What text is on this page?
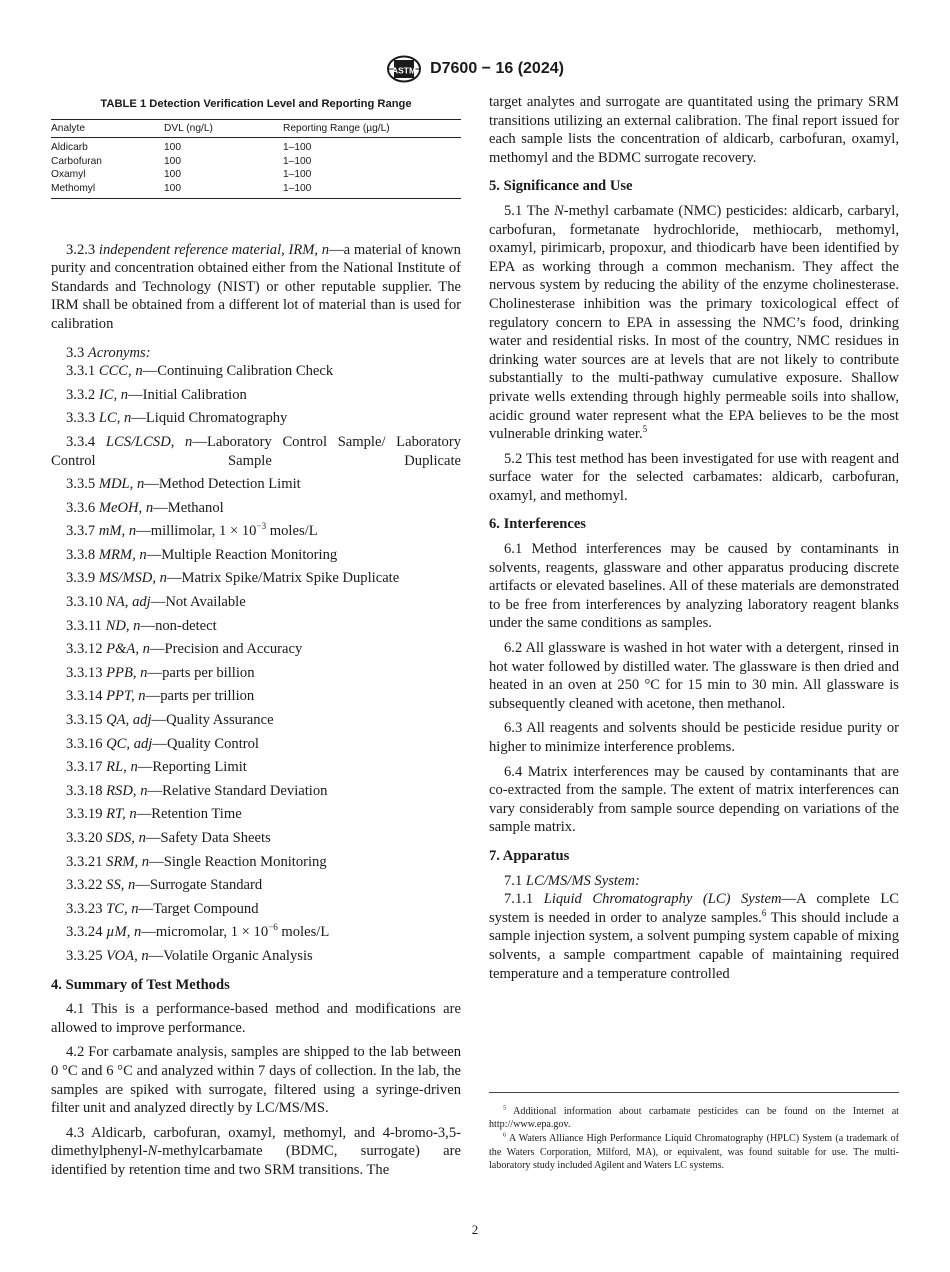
ASTM D7600 − 16 (2024)
TABLE 1 Detection Verification Level and Reporting Range
Analyte	DVL (ng/L)	Reporting Range (µg/L)
Aldicarb	100	1–100
Carbofuran	100	1–100
Oxamyl	100	1–100
Methomyl	100	1–100

3.2.3 independent reference material, IRM, n—a material of known purity and concentration obtained either from the National Institute of Standards and Technology (NIST) or other reputable supplier. The IRM shall be obtained from a different lot of material than is used for calibration

3.3 Acronyms:

3.3.1 CCC, n—Continuing Calibration Check

3.3.2 IC, n—Initial Calibration

3.3.3 LC, n—Liquid Chromatography

3.3.4 LCS/LCSD, n—Laboratory Control Sample/ Laboratory Control Sample Duplicate

3.3.5 MDL, n—Method Detection Limit

3.3.6 MeOH, n—Methanol

3.3.7 mM, n—millimolar, $1 \times 10^{-3}$ moles/L

3.3.8 MRM, n—Multiple Reaction Monitoring

3.3.9 MS/MSD, n—Matrix Spike/Matrix Spike Duplicate

3.3.10 NA, adj—Not Available

3.3.11 ND, n—non-detect

3.3.12 P&A, n—Precision and Accuracy

3.3.13 PPB, n—parts per billion

3.3.14 PPT, n—parts per trillion

3.3.15 QA, adj—Quality Assurance

3.3.16 QC, adj—Quality Control

3.3.17 RL, n—Reporting Limit

3.3.18 RSD, n—Relative Standard Deviation

3.3.19 RT, n—Retention Time

3.3.20 SDS, n—Safety Data Sheets

3.3.21 SRM, n—Single Reaction Monitoring

3.3.22 SS, n—Surrogate Standard

3.3.23 TC, n—Target Compound

3.3.24 µM, n—micromolar, $1 \times 10^{-6}$ moles/L

3.3.25 VOA, n—Volatile Organic Analysis

4. Summary of Test Methods

4.1 This is a performance-based method and modifications are allowed to improve performance.

4.2 For carbamate analysis, samples are shipped to the lab between 0 °C and 6 °C and analyzed within 7 days of collection. In the lab, the samples are spiked with surrogate, filtered using a syringe-driven filter unit and analyzed directly by LC/MS/MS.

4.3 Aldicarb, carbofuran, oxamyl, methomyl, and 4-bromo-3,5-dimethylphenyl-N-methylcarbamate (BDMC, surrogate) are identified by retention time and two SRM transitions. The

target analytes and surrogate are quantitated using the primary SRM transitions utilizing an external calibration. The final report issued for each sample lists the concentration of aldicarb, carbofuran, oxamyl, methomyl and the BDMC surrogate recovery.

5. Significance and Use

5.1 The N-methyl carbamate (NMC) pesticides: aldicarb, carbaryl, carbofuran, formetanate hydrochloride, methiocarb, methomyl, oxamyl, pirimicarb, propoxur, and thiodicarb have been identified by EPA as working through a common mechanism. They affect the nervous system by reducing the ability of the enzyme cholinesterase. Cholinesterase inhibition was the primary toxicological effect of regulatory concern to EPA in assessing the NMC’s food, drinking water and residential risks. In most of the country, NMC residues in drinking water sources are at levels that are not likely to contribute substantially to the multi-pathway cumulative exposure. Shallow private wells extending through highly permeable soils into shallow, acidic ground water represent what the EPA believes to be the most vulnerable drinking water.$^5$

5.2 This test method has been investigated for use with reagent and surface water for the selected carbamates: aldicarb, carbofuran, oxamyl, and methomyl.

6. Interferences

6.1 Method interferences may be caused by contaminants in solvents, reagents, glassware and other apparatus producing discrete artifacts or elevated baselines. All of these materials are demonstrated to be free from interferences by analyzing laboratory reagent blanks under the same conditions as samples.

6.2 All glassware is washed in hot water with a detergent, rinsed in hot water followed by distilled water. The glassware is then dried and heated in an oven at 250 °C for 15 min to 30 min. All glassware is subsequently cleaned with acetone, then methanol.

6.3 All reagents and solvents should be pesticide residue purity or higher to minimize interference problems.

6.4 Matrix interferences may be caused by contaminants that are co-extracted from the sample. The extent of matrix interferences can vary considerably from sample source depending on variations of the sample matrix.

7. Apparatus

7.1 LC/MS/MS System:

7.1.1 Liquid Chromatography (LC) System—A complete LC system is needed in order to analyze samples.$^6$ This should include a sample injection system, a solvent pumping system capable of mixing solvents, a sample compartment capable of maintaining required temperature and a temperature controlled

$^5$ Additional information about carbamate pesticides can be found on the Internet at http://www.epa.gov.

$^6$ A Waters Alliance High Performance Liquid Chromatography (HPLC) System (a trademark of the Waters Corporation, Milford, MA), or equivalent, was found suitable for use. The multi-laboratory study included Agilent and Waters LC systems.

2
